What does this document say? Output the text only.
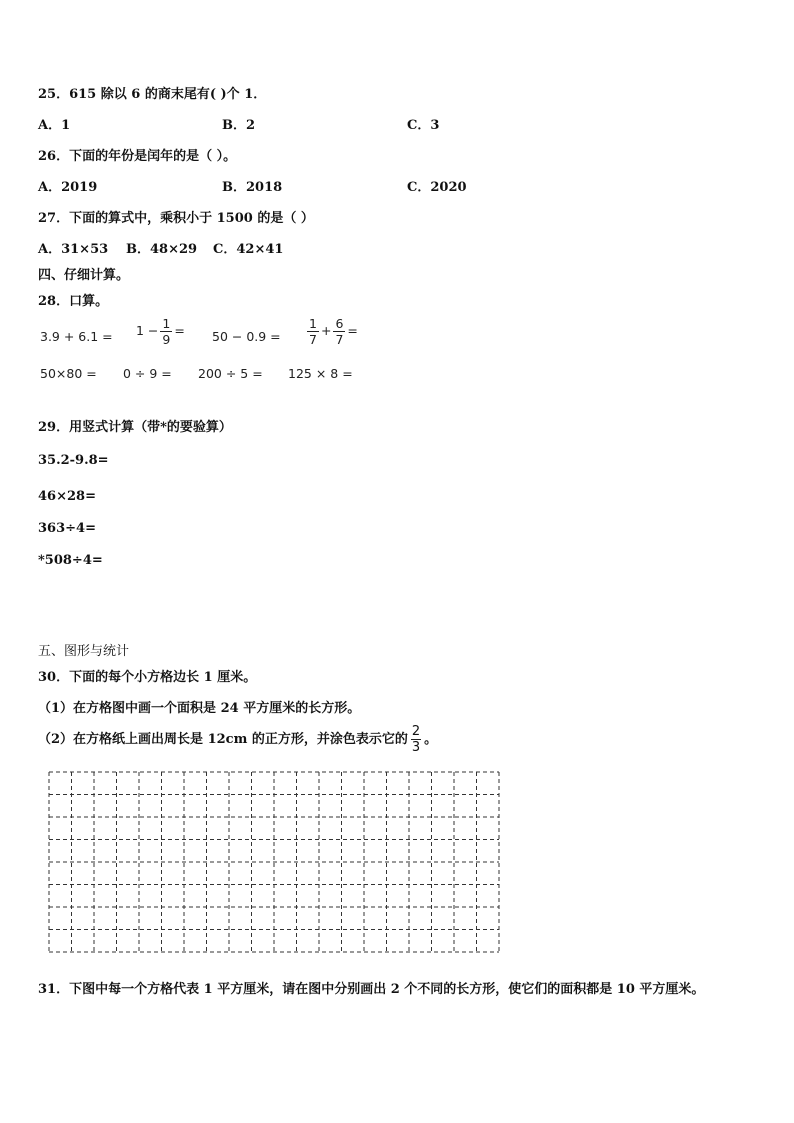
25．615 除以 6 的商末尾有( )个 1．
A．1	B．2	C．3
26．下面的年份是闰年的是（ ）。
A．2019	B．2018	C．2020
27．下面的算式中，乘积小于 1500 的是（ ）
A．31×53 B．48×29 C．42×41
四、仔细计算。
28．口算。
$3.9 + 6.1 = 1 - \frac{1}{9} = 50 - 0.9 = \frac{1}{7} + \frac{6}{7}$ =
50×80 = 0 ÷ 9 = 200 ÷ 5 = 125 × 8 =
29．用竖式计算（带*的要验算）
35.2-9.8=
46×28=
363÷4=
*508÷4=
五、图形与统计
30．下面的每个小方格边长 1 厘米。
（1）在方格图中画一个面积是 24 平方厘米的长方形。
（2）在方格纸上画出周长是 12cm 的正方形，并涂色表示它的 $\frac{2}{3}$ 。
31．下图中每一个方格代表 1 平方厘米，请在图中分别画出 2 个不同的长方形，使它们的面积都是 10 平方厘米。
